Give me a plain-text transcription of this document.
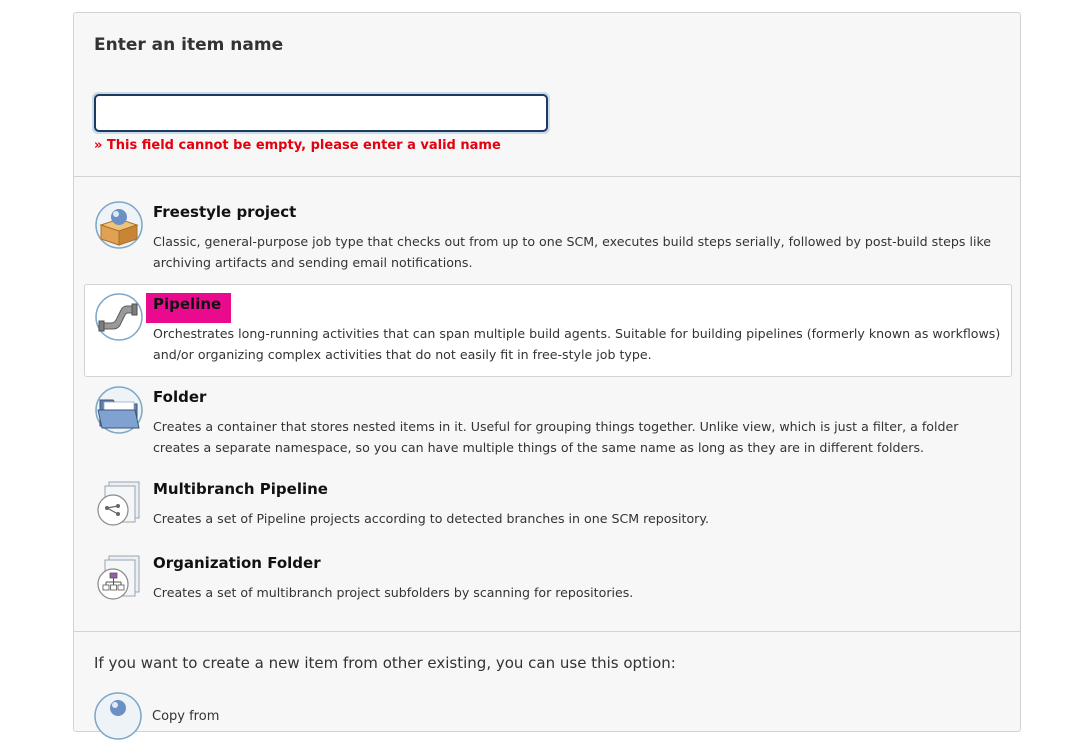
Enter an item name
» This field cannot be empty, please enter a valid name
Freestyle project
Classic, general-purpose job type that checks out from up to one SCM, executes build steps serially, followed by post-build steps like archiving artifacts and sending email notifications.
Pipeline
Orchestrates long-running activities that can span multiple build agents. Suitable for building pipelines (formerly known as workflows) and/or organizing complex activities that do not easily fit in free-style job type.
Folder
Creates a container that stores nested items in it. Useful for grouping things together. Unlike view, which is just a filter, a folder creates a separate namespace, so you can have multiple things of the same name as long as they are in different folders.
Multibranch Pipeline
Creates a set of Pipeline projects according to detected branches in one SCM repository.
Organization Folder
Creates a set of multibranch project subfolders by scanning for repositories.
If you want to create a new item from other existing, you can use this option:
Copy from
